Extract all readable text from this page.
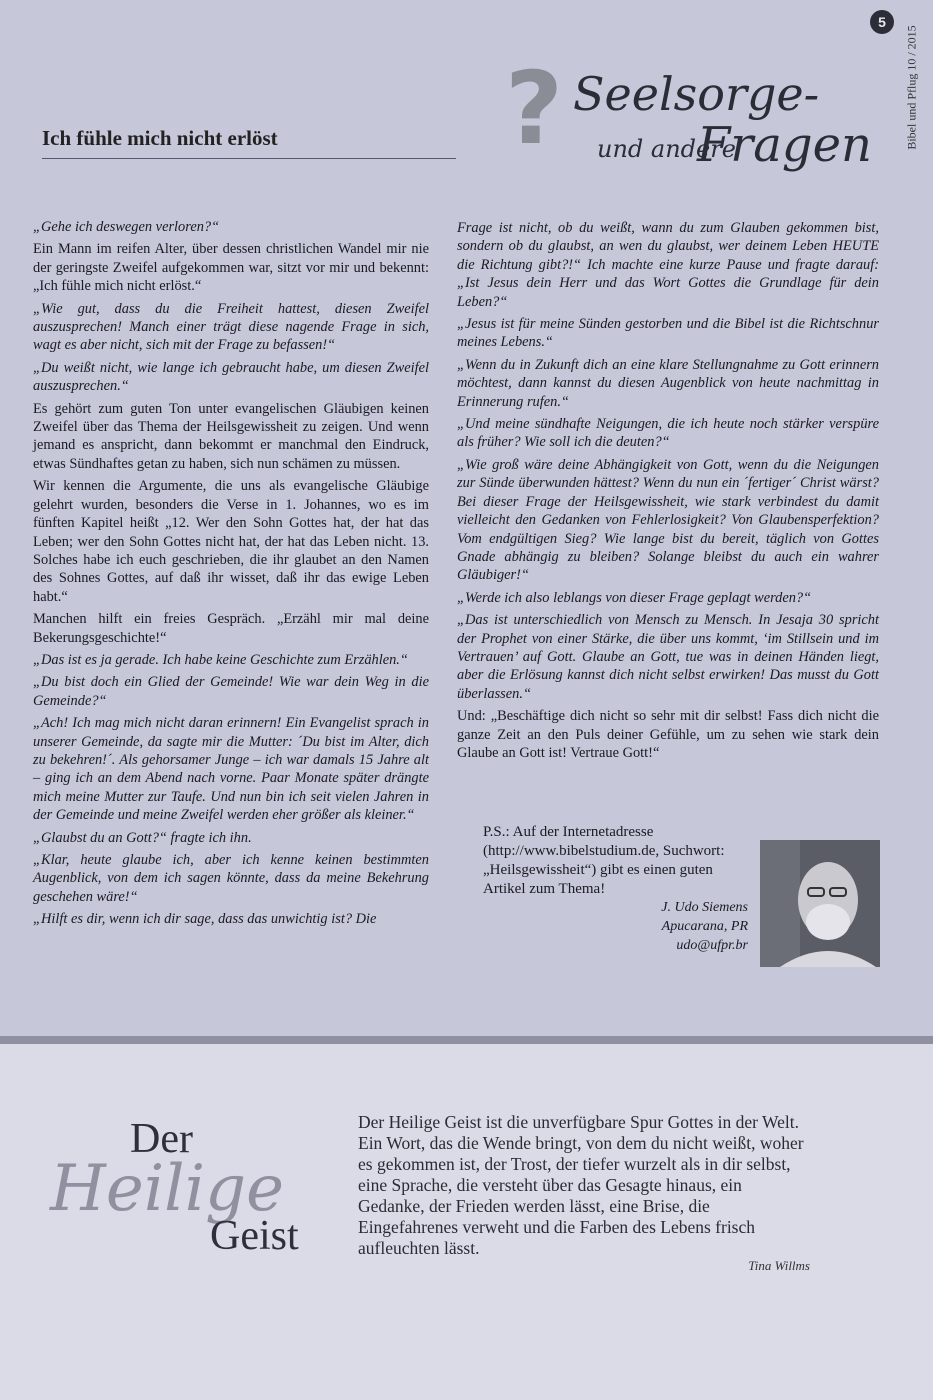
5
Bibel und Pflug 10 / 2015
Ich fühle mich nicht erlöst ? Seelsorge-
und andere
Fragen

„Gehe ich deswegen verloren?“

Ein Mann im reifen Alter, über dessen christlichen Wandel mir nie der geringste Zweifel aufgekommen war, sitzt vor mir und bekennt: „Ich fühle mich nicht erlöst.“

„Wie gut, dass du die Freiheit hattest, diesen Zweifel auszusprechen! Manch einer trägt diese nagende Frage in sich, wagt es aber nicht, sich mit der Frage zu befassen!“

„Du weißt nicht, wie lange ich gebraucht habe, um diesen Zweifel auszusprechen.“

Es gehört zum guten Ton unter evangelischen Gläubigen keinen Zweifel über das Thema der Heilsgewissheit zu zeigen. Und wenn jemand es anspricht, dann bekommt er manchmal den Eindruck, etwas Sündhaftes getan zu haben, sich nun schämen zu müssen.

Wir kennen die Argumente, die uns als evangelische Gläubige gelehrt wurden, besonders die Verse in 1. Johannes, wo es im fünften Kapitel heißt „12. Wer den Sohn Gottes hat, der hat das Leben; wer den Sohn Gottes nicht hat, der hat das Leben nicht. 13. Solches habe ich euch geschrieben, die ihr glaubet an den Namen des Sohnes Gottes, auf daß ihr wisset, daß ihr das ewige Leben habt.“

Manchen hilft ein freies Gespräch. „Erzähl mir mal deine Bekerungsgeschichte!“

„Das ist es ja gerade. Ich habe keine Geschichte zum Erzählen.“

„Du bist doch ein Glied der Gemeinde! Wie war dein Weg in die Gemeinde?“

„Ach! Ich mag mich nicht daran erinnern! Ein Evangelist sprach in unserer Gemeinde, da sagte mir die Mutter: ´Du bist im Alter, dich zu bekehren!´. Als gehorsamer Junge – ich war damals 15 Jahre alt – ging ich an dem Abend nach vorne. Paar Monate später drängte mich meine Mutter zur Taufe. Und nun bin ich seit vielen Jahren in der Gemeinde und meine Zweifel werden eher größer als kleiner.“

„Glaubst du an Gott?“ fragte ich ihn.

„Klar, heute glaube ich, aber ich kenne keinen bestimmten Augenblick, von dem ich sagen könnte, dass da meine Bekehrung geschehen wäre!“

„Hilft es dir, wenn ich dir sage, dass das unwichtig ist? Die

Frage ist nicht, ob du weißt, wann du zum Glauben gekommen bist, sondern ob du glaubst, an wen du glaubst, wer deinem Leben HEUTE die Richtung gibt?!“ Ich machte eine kurze Pause und fragte darauf: „Ist Jesus dein Herr und das Wort Gottes die Grundlage für dein Leben?“

„Jesus ist für meine Sünden gestorben und die Bibel ist die Richtschnur meines Lebens.“

„Wenn du in Zukunft dich an eine klare Stellungnahme zu Gott erinnern möchtest, dann kannst du diesen Augenblick von heute nachmittag in Erinnerung rufen.“

„Und meine sündhafte Neigungen, die ich heute noch stärker verspüre als früher? Wie soll ich die deuten?“

„Wie groß wäre deine Abhängigkeit von Gott, wenn du die Neigungen zur Sünde überwunden hättest? Wenn du nun ein ´fertiger´ Christ wärst? Bei dieser Frage der Heilsgewissheit, wie stark verbindest du damit vielleicht den Gedanken von Fehlerlosigkeit? Von Glaubensperfektion? Vom endgültigen Sieg? Wie lange bist du bereit, täglich von Gottes Gnade abhängig zu bleiben? Solange bleibst du auch ein wahrer Gläubiger!“

„Werde ich also leblangs von dieser Frage geplagt werden?“

„Das ist unterschiedlich von Mensch zu Mensch. In Jesaja 30 spricht der Prophet von einer Stärke, die über uns kommt, ‘im Stillsein und im Vertrauen’ auf Gott. Glaube an Gott, tue was in deinen Händen liegt, aber die Erlösung kannst dich nicht selbst erwirken! Das musst du Gott überlassen.“

Und: „Beschäftige dich nicht so sehr mit dir selbst! Fass dich nicht die ganze Zeit an den Puls deiner Gefühle, um zu sehen wie stark dein Glaube an Gott ist! Vertraue Gott!“

P.S.: Auf der Internetadresse (http://www.bibelstudium.de, Suchwort: „Heilsgewissheit“) gibt es einen guten Artikel zum Thema!
J. Udo Siemens
Apucarana, PR
udo@ufpr.br
Der
Heilige
Geist
Der Heilige Geist ist die unverfügbare Spur Gottes in der Welt. Ein Wort, das die Wende bringt, von dem du nicht weißt, woher es gekommen ist, der Trost, der tiefer wurzelt als in dir selbst, eine Sprache, die versteht über das Gesagte hinaus, ein Gedanke, der Frieden werden lässt, eine Brise, die Eingefahrenes verweht und die Farben des Lebens frisch aufleuchten lässt.
Tina Willms
